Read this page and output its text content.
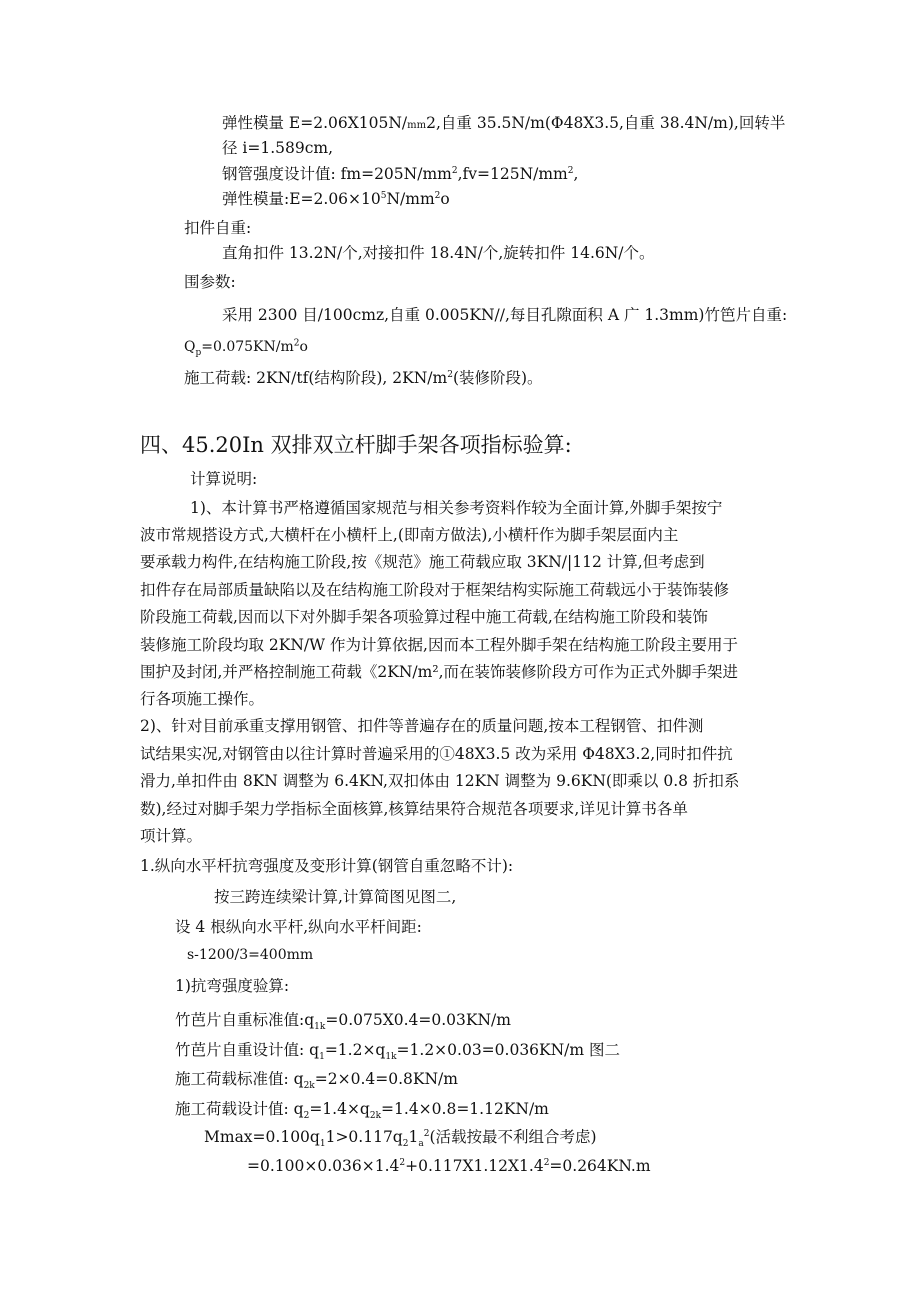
弹性模量 E=2.06X105N/mm2,自重 35.5N/m(Φ48X3.5,自重 38.4N/m),回转半
径 i=1.589cm,
钢管强度设计值: $fm=205N/mm^2,fv=125N/mm^2$,
弹性模量$:E=2.06\times 10^5N/mm^2o$
扣件自重:
直角扣件 13.2N/个,对接扣件 18.4N/个,旋转扣件 14.6N/个。
围参数:
采用 2300 目/100cmz,自重 0.005KN//,每目孔隙面积 A 广 1.3mm)竹笆片自重:
$Q_p=0.075KN/m^2o$
施工荷载: 2KN/tf(结构阶段), $2KN/m^2$(装修阶段)。
四、45.20In 双排双立杆脚手架各项指标验算:
计算说明:
1)、本计算书严格遵循国家规范与相关参考资料作较为全面计算,外脚手架按宁
波市常规搭设方式,大横杆在小横杆上,(即南方做法),小横杆作为脚手架层面内主
要承载力构件,在结构施工阶段,按《规范》施工荷载应取 3KN/|112 计算,但考虑到
扣件存在局部质量缺陷以及在结构施工阶段对于框架结构实际施工荷载远小于装饰装修
阶段施工荷载,因而以下对外脚手架各项验算过程中施工荷载,在结构施工阶段和装饰
装修施工阶段均取 2KN/W 作为计算依据,因而本工程外脚手架在结构施工阶段主要用于
围护及封闭,并严格控制施工荷载《2KN/m²,而在装饰装修阶段方可作为正式外脚手架进
行各项施工操作。
2)、针对目前承重支撑用钢管、扣件等普遍存在的质量问题,按本工程钢管、扣件测
试结果实况,对钢管由以往计算时普遍采用的①48X3.5 改为采用 Φ48X3.2,同时扣件抗
滑力,单扣件由 8KN 调整为 6.4KN,双扣体由 12KN 调整为 9.6KN(即乘以 0.8 折扣系
数),经过对脚手架力学指标全面核算,核算结果符合规范各项要求,详见计算书各单
项计算。
1.纵向水平杆抗弯强度及变形计算(钢管自重忽略不计):
按三跨连续梁计算,计算简图见图二,
设 4 根纵向水平杆,纵向水平杆间距:
s-1200/3=400mm
1)抗弯强度验算:
竹芭片自重标准值$:q_{1k}=0.075X0.4=0.03KN/m$
竹芭片自重设计值: $q_1=1.2\times q_{1k}=1.2\times 0.03=0.036KN/m$ 图二
施工荷载标准值: $q_{2k}=2\times 0.4=0.8KN/m$
施工荷载设计值: $q_2=1.4\times q_{2k}=1.4\times 0.8=1.12KN/m$
$Mmax=0.100q_11>0.117q_21_a^2$(活载按最不利组合考虑)
$=0.100\times 0.036\times 1.4^2+0.117X1.12X1.4^2=0.264KN.m$
